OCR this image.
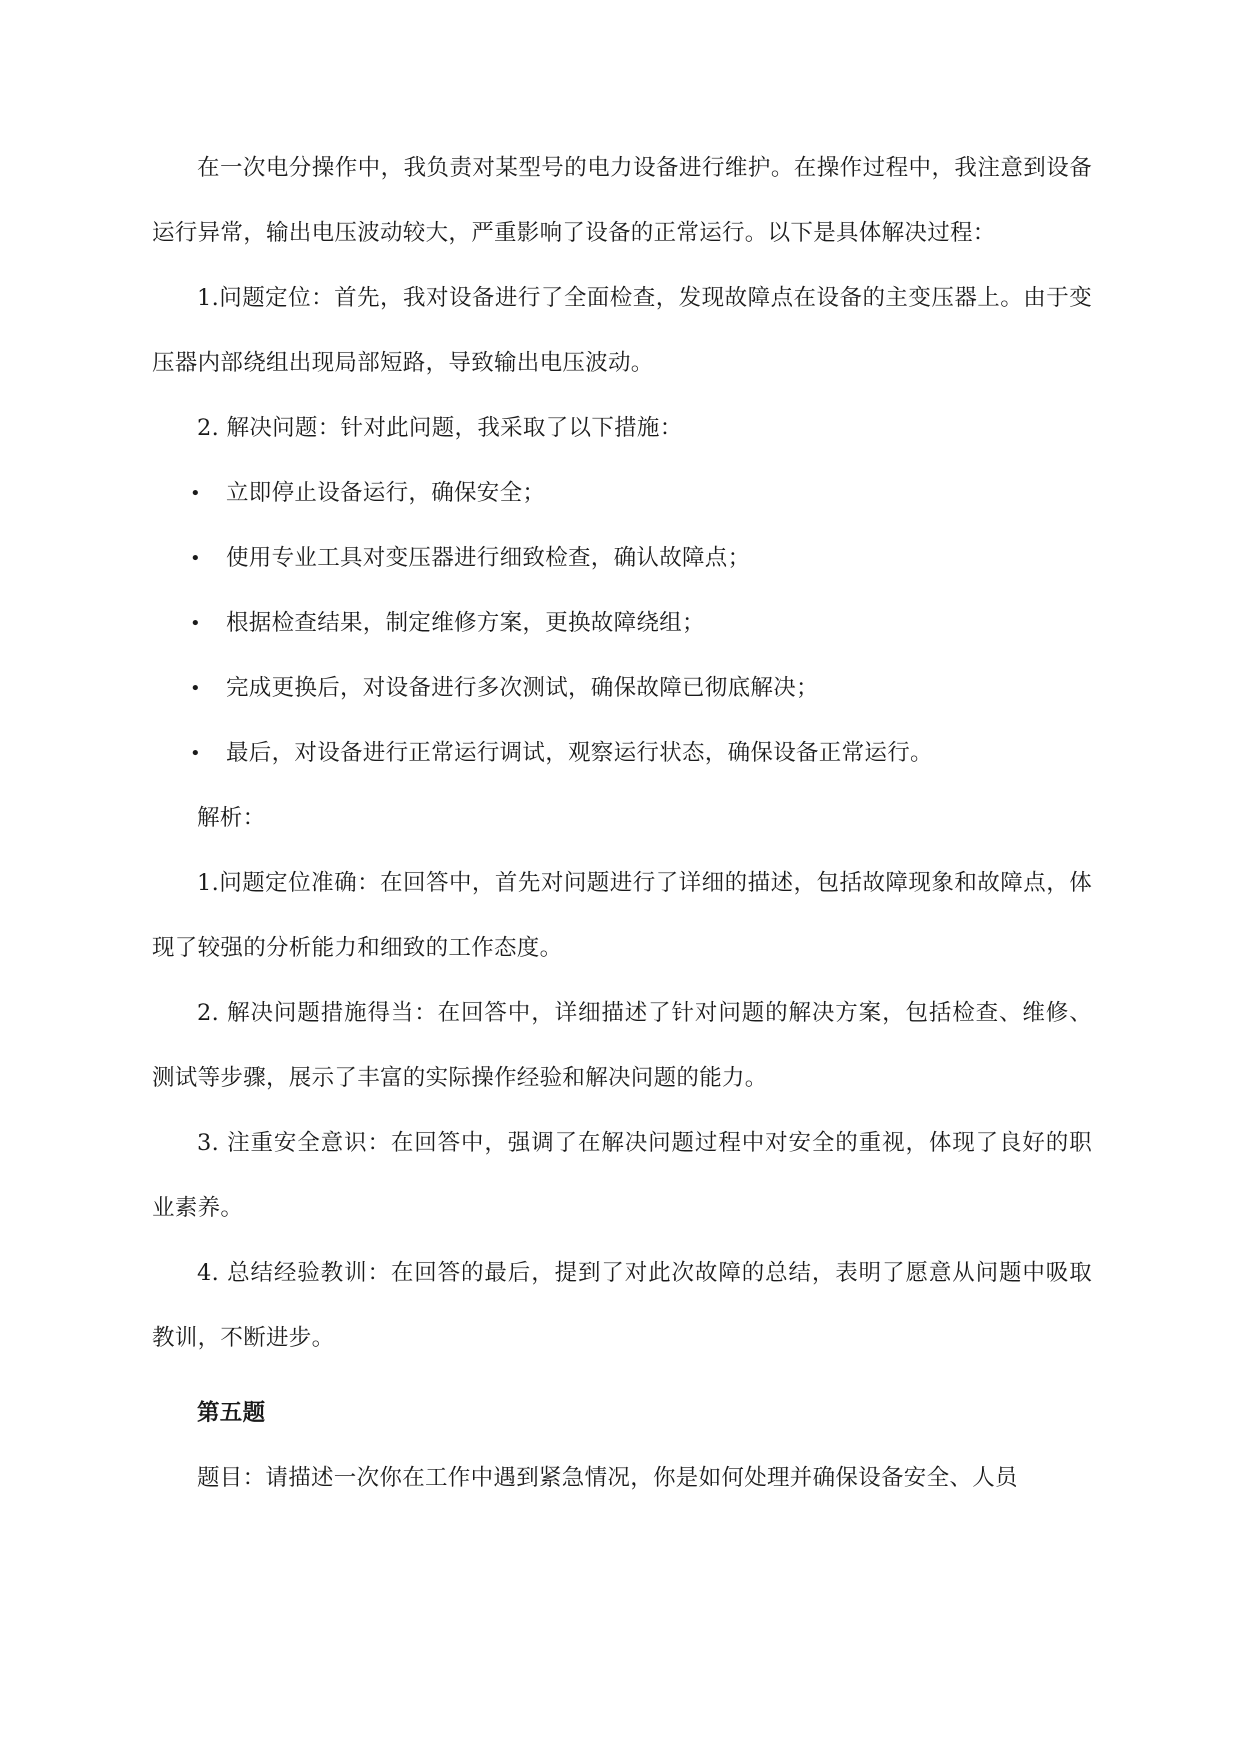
在一次电分操作中，我负责对某型号的电力设备进行维护。在操作过程中，我注意到设备运行异常，输出电压波动较大，严重影响了设备的正常运行。以下是具体解决过程：

1.问题定位：首先，我对设备进行了全面检查，发现故障点在设备的主变压器上。由于变压器内部绕组出现局部短路，导致输出电压波动。

2. 解决问题：针对此问题，我采取了以下措施：

• 立即停止设备运行，确保安全；
• 使用专业工具对变压器进行细致检查，确认故障点；
• 根据检查结果，制定维修方案，更换故障绕组；
• 完成更换后，对设备进行多次测试，确保故障已彻底解决；
• 最后，对设备进行正常运行调试，观察运行状态，确保设备正常运行。

解析：

1.问题定位准确：在回答中，首先对问题进行了详细的描述，包括故障现象和故障点，体现了较强的分析能力和细致的工作态度。

2. 解决问题措施得当：在回答中，详细描述了针对问题的解决方案，包括检查、维修、测试等步骤，展示了丰富的实际操作经验和解决问题的能力。

3. 注重安全意识：在回答中，强调了在解决问题过程中对安全的重视，体现了良好的职业素养。

4. 总结经验教训：在回答的最后，提到了对此次故障的总结，表明了愿意从问题中吸取教训，不断进步。

第五题

题目：请描述一次你在工作中遇到紧急情况，你是如何处理并确保设备安全、人员
